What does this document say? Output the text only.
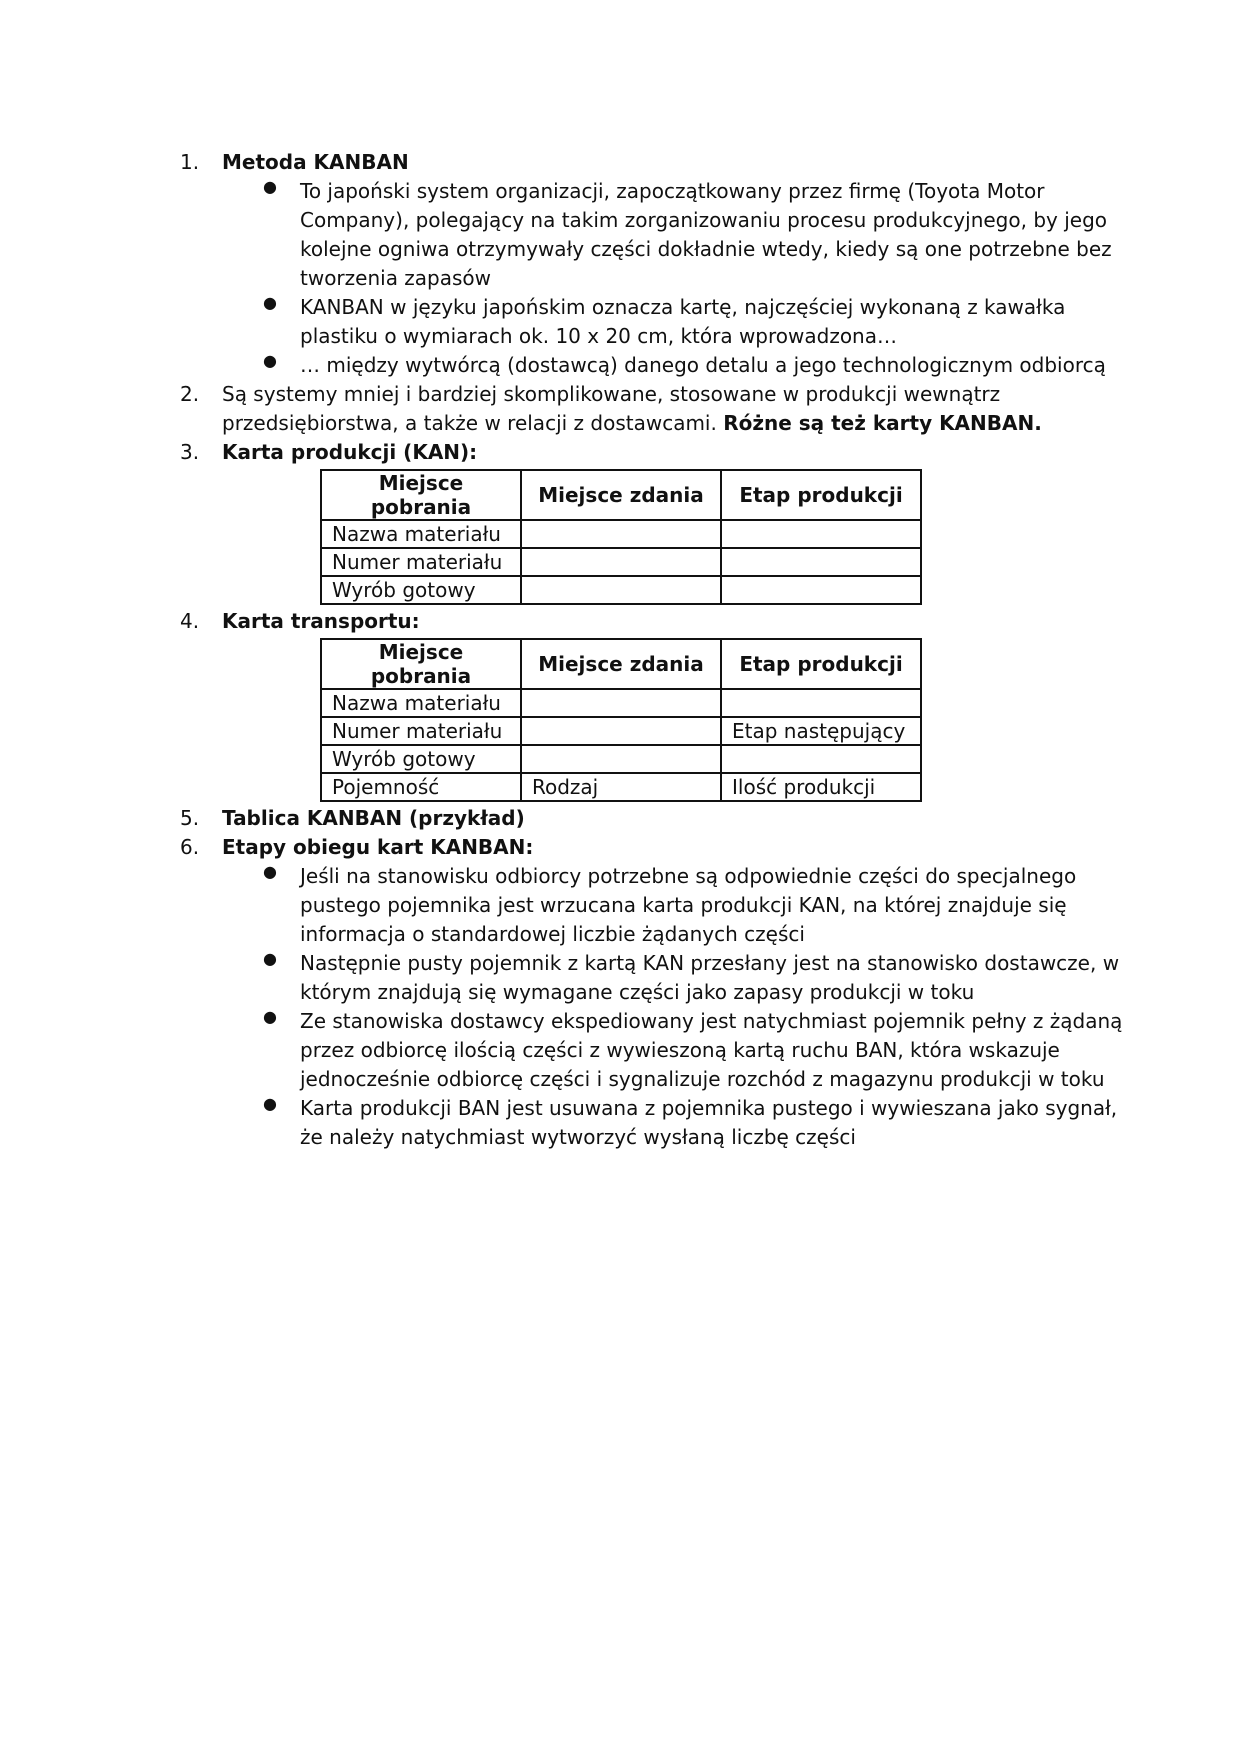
1.	Metoda KANBAN
● To japoński system organizacji, zapoczątkowany przez firmę (Toyota Motor
Company), polegający na takim zorganizowaniu procesu produkcyjnego, by jego
kolejne ogniwa otrzymywały części dokładnie wtedy, kiedy są one potrzebne bez
tworzenia zapasów
● KANBAN w języku japońskim oznacza kartę, najczęściej wykonaną z kawałka
plastiku o wymiarach ok. 10 x 20 cm, która wprowadzona…
● … między wytwórcą (dostawcą) danego detalu a jego technologicznym odbiorcą
2.	Są systemy mniej i bardziej skomplikowane, stosowane w produkcji wewnątrz
przedsiębiorstwa, a także w relacji z dostawcami. Różne są też karty KANBAN.
3.	Karta produkcji (KAN):
Miejsce pobrania	Miejsce zdania	Etap produkcji
Nazwa materiału		
Numer materiału		
Wyrób gotowy		
4.	Karta transportu:
Miejsce pobrania	Miejsce zdania	Etap produkcji
Nazwa materiału		
Numer materiału		Etap następujący
Wyrób gotowy		
Pojemność	Rodzaj	Ilość produkcji
5.	Tablica KANBAN (przykład)
6.	Etapy obiegu kart KANBAN:
● Jeśli na stanowisku odbiorcy potrzebne są odpowiednie części do specjalnego
pustego pojemnika jest wrzucana karta produkcji KAN, na której znajduje się
informacja o standardowej liczbie żądanych części
● Następnie pusty pojemnik z kartą KAN przesłany jest na stanowisko dostawcze, w
którym znajdują się wymagane części jako zapasy produkcji w toku
● Ze stanowiska dostawcy ekspediowany jest natychmiast pojemnik pełny z żądaną
przez odbiorcę ilością części z wywieszoną kartą ruchu BAN, która wskazuje
jednocześnie odbiorcę części i sygnalizuje rozchód z magazynu produkcji w toku
● Karta produkcji BAN jest usuwana z pojemnika pustego i wywieszana jako sygnał,
że należy natychmiast wytworzyć wysłaną liczbę części
